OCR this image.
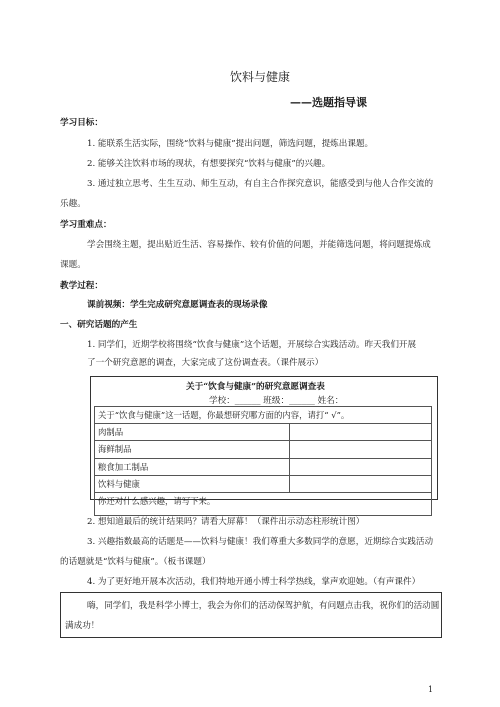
饮料与健康
——选题指导课
学习目标：
1. 能联系生活实际，围绕“饮料与健康”提出问题，筛选问题，提炼出课题。
2. 能够关注饮料市场的现状，有想要探究“饮料与健康”的兴趣。
3. 通过独立思考、生生互动、师生互动，有自主合作探究意识，能感受到与他人合作交流的
乐趣。
学习重难点：
学会围绕主题，提出贴近生活、容易操作、较有价值的问题，并能筛选问题，将问题提炼成
课题。
教学过程：
课前视频：学生完成研究意愿调查表的现场录像
一、研究话题的产生
1. 同学们，近期学校将围绕“饮食与健康”这个话题，开展综合实践活动。昨天我们开展
了一个研究意愿的调查，大家完成了这份调查表。（课件展示）
关于“饮食与健康”的研究意愿调查表
学校：______ 班级：______ 姓名：
关于“饮食与健康”这一话题，你最想研究哪方面的内容，请打“ √”。	
肉制品	
海鲜制品	
粮食加工制品	
饮料与健康	
你还对什么感兴趣，请写下来。	
2. 想知道最后的统计结果吗？请看大屏幕！（课件出示动态柱形统计图）
3. 兴趣指数最高的话题是——饮料与健康！我们尊重大多数同学的意愿，近期综合实践活动
的话题就是“饮料与健康”。（板书课题）
4. 为了更好地开展本次活动，我们特地开通小博士科学热线，掌声欢迎她。（有声课件）
嗨，同学们，我是科学小博士，我会为你们的活动保驾护航，有问题点击我，祝你们的活动圆
满成功！
1
